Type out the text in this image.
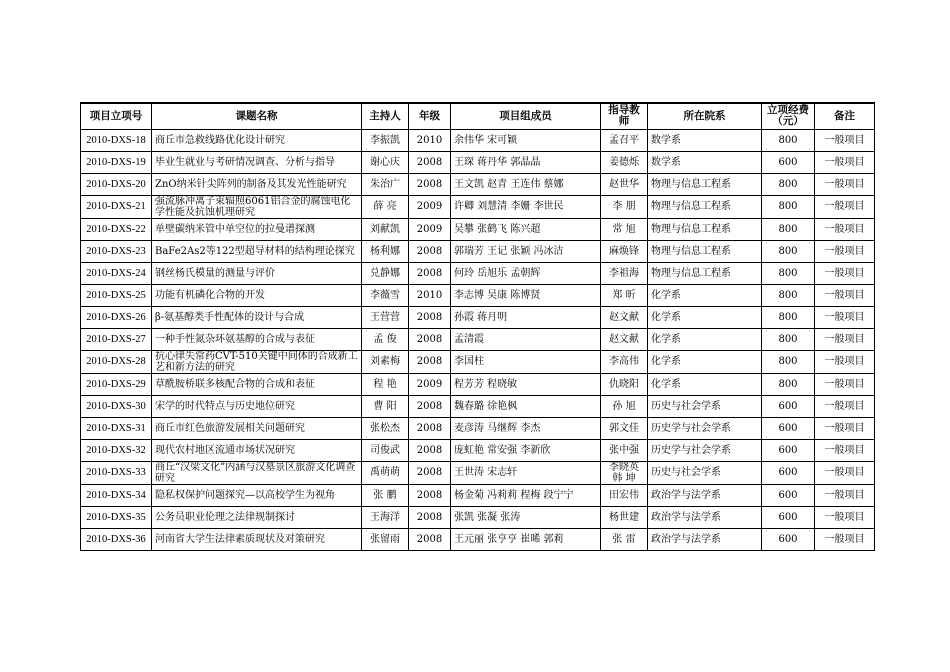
项目立项号	课题名称	主持人	年级	项目组成员	指导教师	所在院系	立项经费（元）	备注
2010-DXS-18	商丘市急救线路优化设计研究	李振凯	2010	余伟华 宋可颖	孟召平	数学系	800	一般项目
2010-DXS-19	毕业生就业与考研情况调查、分析与指导	谢心庆	2008	王琛 蒋丹华 郭晶晶	姜德烁	数学系	600	一般项目
2010-DXS-20	ZnO纳米针尖阵列的制备及其发光性能研究	朱治广	2008	王文凯 赵青 王连伟 蔡娜	赵世华	物理与信息工程系	800	一般项目
2010-DXS-21	强流脉冲离子束辐照6061铝合金的腐蚀电化学性能及抗蚀机理研究	薛 亮	2009	许卿 刘慧清 李姗 李世民	李 朋	物理与信息工程系	800	一般项目
2010-DXS-22	单壁碳纳米管中单空位的拉曼谱探测	刘献凯	2009	吴攀 张鹤飞 陈兴超	常 旭	物理与信息工程系	800	一般项目
2010-DXS-23	BaFe2As2等122型超导材料的结构理论探究	杨利娜	2008	郭瑞芳 王记 张颖 冯冰洁	麻焕锋	物理与信息工程系	800	一般项目
2010-DXS-24	钢丝杨氏模量的测量与评价	兑静娜	2008	何玲 岳旭乐 孟朝辉	李祖海	物理与信息工程系	800	一般项目
2010-DXS-25	功能有机磷化合物的开发	李薇雪	2010	李志博 吴康 陈博贤	郑 昕	化学系	800	一般项目
2010-DXS-26	β-氨基醇类手性配体的设计与合成	王营营	2008	孙霞 蒋月明	赵文献	化学系	800	一般项目
2010-DXS-27	一种手性氮杂环氨基醇的合成与表征	孟 俊	2008	孟清霞	赵文献	化学系	800	一般项目
2010-DXS-28	抗心律失常药CVT-510关键中间体的合成新工艺和新方法的研究	刘素梅	2008	李国柱	李高伟	化学系	800	一般项目
2010-DXS-29	草酰胺桥联多核配合物的合成和表征	程 艳	2009	程芳芳 程晓敏	仇晓阳	化学系	800	一般项目
2010-DXS-30	宋学的时代特点与历史地位研究	曹 阳	2008	魏春璐 徐艳枫	孙 旭	历史与社会学系	600	一般项目
2010-DXS-31	商丘市红色旅游发展相关问题研究	张松杰	2008	麦彦涛 马继辉 李杰	郭文佳	历史学与社会学系	600	一般项目
2010-DXS-32	现代农村地区流通市场状况研究	司俊武	2008	庞虹艳 常安强 李新欣	张中强	历史学与社会学系	600	一般项目
2010-DXS-33	商丘“汉梁文化”内涵与汉墓景区旅游文化调查研究	禹萌萌	2008	王世涛 宋志轩	李晓英 韩 坤	历史与社会学系	600	一般项目
2010-DXS-34	隐私权保护问题探究—以高校学生为视角	张 鹏	2008	杨金菊 冯莉莉 程梅 段宁宁	田宏伟	政治学与法学系	600	一般项目
2010-DXS-35	公务员职业伦理之法律规制探讨	王海洋	2008	张凯 张凝 张涛	杨世建	政治学与法学系	600	一般项目
2010-DXS-36	河南省大学生法律素质现状及对策研究	张留雨	2008	王元丽 张亨亨 崔晞 郭莉	张 雷	政治学与法学系	600	一般项目
